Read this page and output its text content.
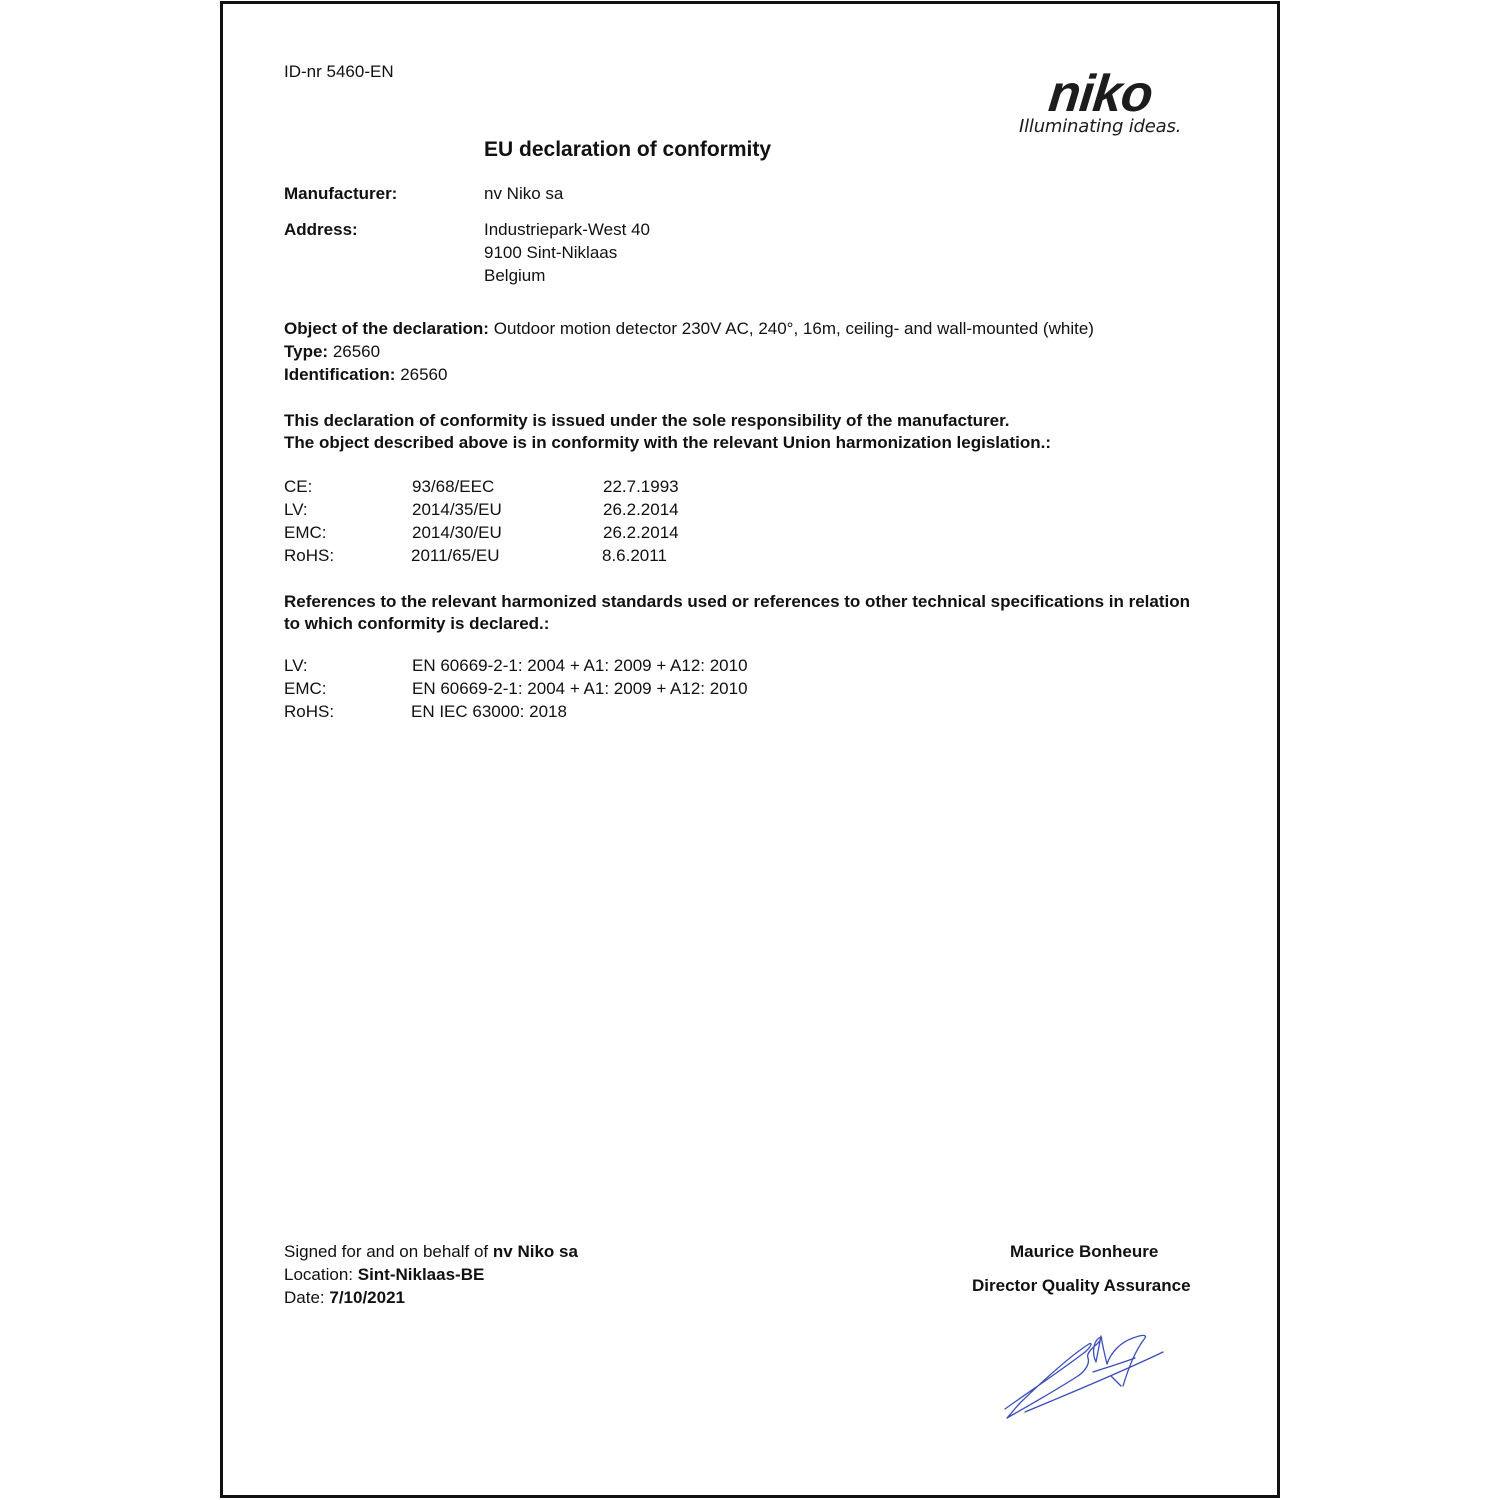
ID-nr 5460-EN	niko
Illuminating ideas.
EU declaration of conformity
Manufacturer:	nv Niko sa
Address:	Industriepark-West 40
9100 Sint-Niklaas
Belgium
Object of the declaration: Outdoor motion detector 230V AC, 240°, 16m, ceiling- and wall-mounted (white)
Type: 26560
Identification: 26560
This declaration of conformity is issued under the sole responsibility of the manufacturer.
The object described above is in conformity with the relevant Union harmonization legislation.:
CE:	93/68/EEC	22.7.1993
LV:	2014/35/EU	26.2.2014
EMC:	2014/30/EU	26.2.2014
RoHS:	2011/65/EU	8.6.2011
References to the relevant harmonized standards used or references to other technical specifications in relation
to which conformity is declared.:
LV:	EN 60669-2-1: 2004 + A1: 2009 + A12: 2010
EMC:	EN 60669-2-1: 2004 + A1: 2009 + A12: 2010
RoHS:	EN IEC 63000: 2018
Signed for and on behalf of nv Niko sa
Location: Sint-Niklaas-BE
Date: 7/10/2021
Maurice Bonheure
Director Quality Assurance
